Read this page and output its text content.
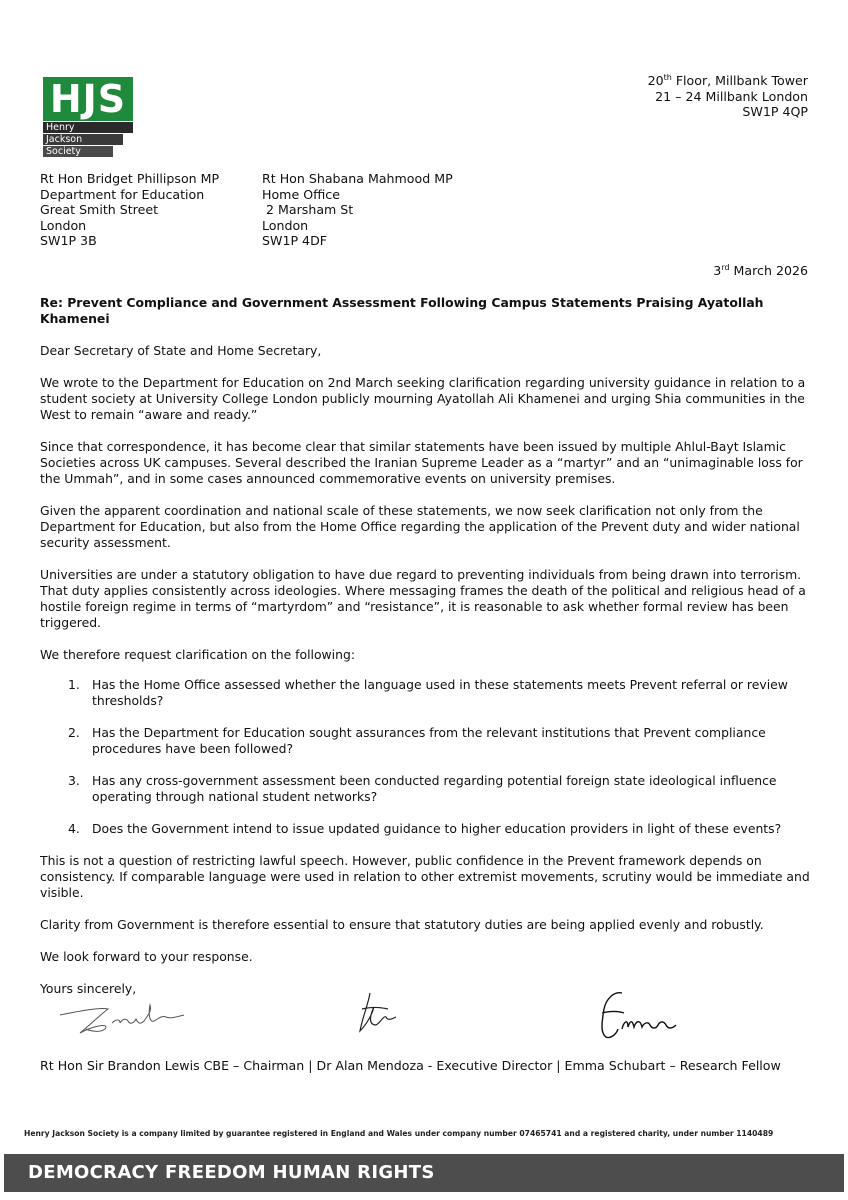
HJS
Henry
Jackson
Society
20th Floor, Millbank Tower
21 – 24 Millbank London
SW1P 4QP
Rt Hon Bridget Phillipson MP
Department for Education
Great Smith Street
London
SW1P 3B
Rt Hon Shabana Mahmood MP
Home Office
2 Marsham St
London
SW1P 4DF
3rd March 2026

Re: Prevent Compliance and Government Assessment Following Campus Statements Praising Ayatollah Khamenei

Dear Secretary of State and Home Secretary,

We wrote to the Department for Education on 2nd March seeking clarification regarding university guidance in relation to a student society at University College London publicly mourning Ayatollah Ali Khamenei and urging Shia communities in the West to remain “aware and ready.”

Since that correspondence, it has become clear that similar statements have been issued by multiple Ahlul-Bayt Islamic Societies across UK campuses. Several described the Iranian Supreme Leader as a “martyr” and an “unimaginable loss for the Ummah”, and in some cases announced commemorative events on university premises.

Given the apparent coordination and national scale of these statements, we now seek clarification not only from the Department for Education, but also from the Home Office regarding the application of the Prevent duty and wider national security assessment.

Universities are under a statutory obligation to have due regard to preventing individuals from being drawn into terrorism. That duty applies consistently across ideologies. Where messaging frames the death of the political and religious head of a hostile foreign regime in terms of “martyrdom” and “resistance”, it is reasonable to ask whether formal review has been triggered.

We therefore request clarification on the following:

1. Has the Home Office assessed whether the language used in these statements meets Prevent referral or review thresholds?
2. Has the Department for Education sought assurances from the relevant institutions that Prevent compliance procedures have been followed?
3. Has any cross-government assessment been conducted regarding potential foreign state ideological influence operating through national student networks?
4. Does the Government intend to issue updated guidance to higher education providers in light of these events?

This is not a question of restricting lawful speech. However, public confidence in the Prevent framework depends on consistency. If comparable language were used in relation to other extremist movements, scrutiny would be immediate and visible.

Clarity from Government is therefore essential to ensure that statutory duties are being applied evenly and robustly.

We look forward to your response.

Yours sincerely,

Rt Hon Sir Brandon Lewis CBE – Chairman | Dr Alan Mendoza - Executive Director | Emma Schubart – Research Fellow
Henry Jackson Society is a company limited by guarantee registered in England and Wales under company number 07465741 and a registered charity, under number 1140489
DEMOCRACY FREEDOM HUMAN RIGHTS
